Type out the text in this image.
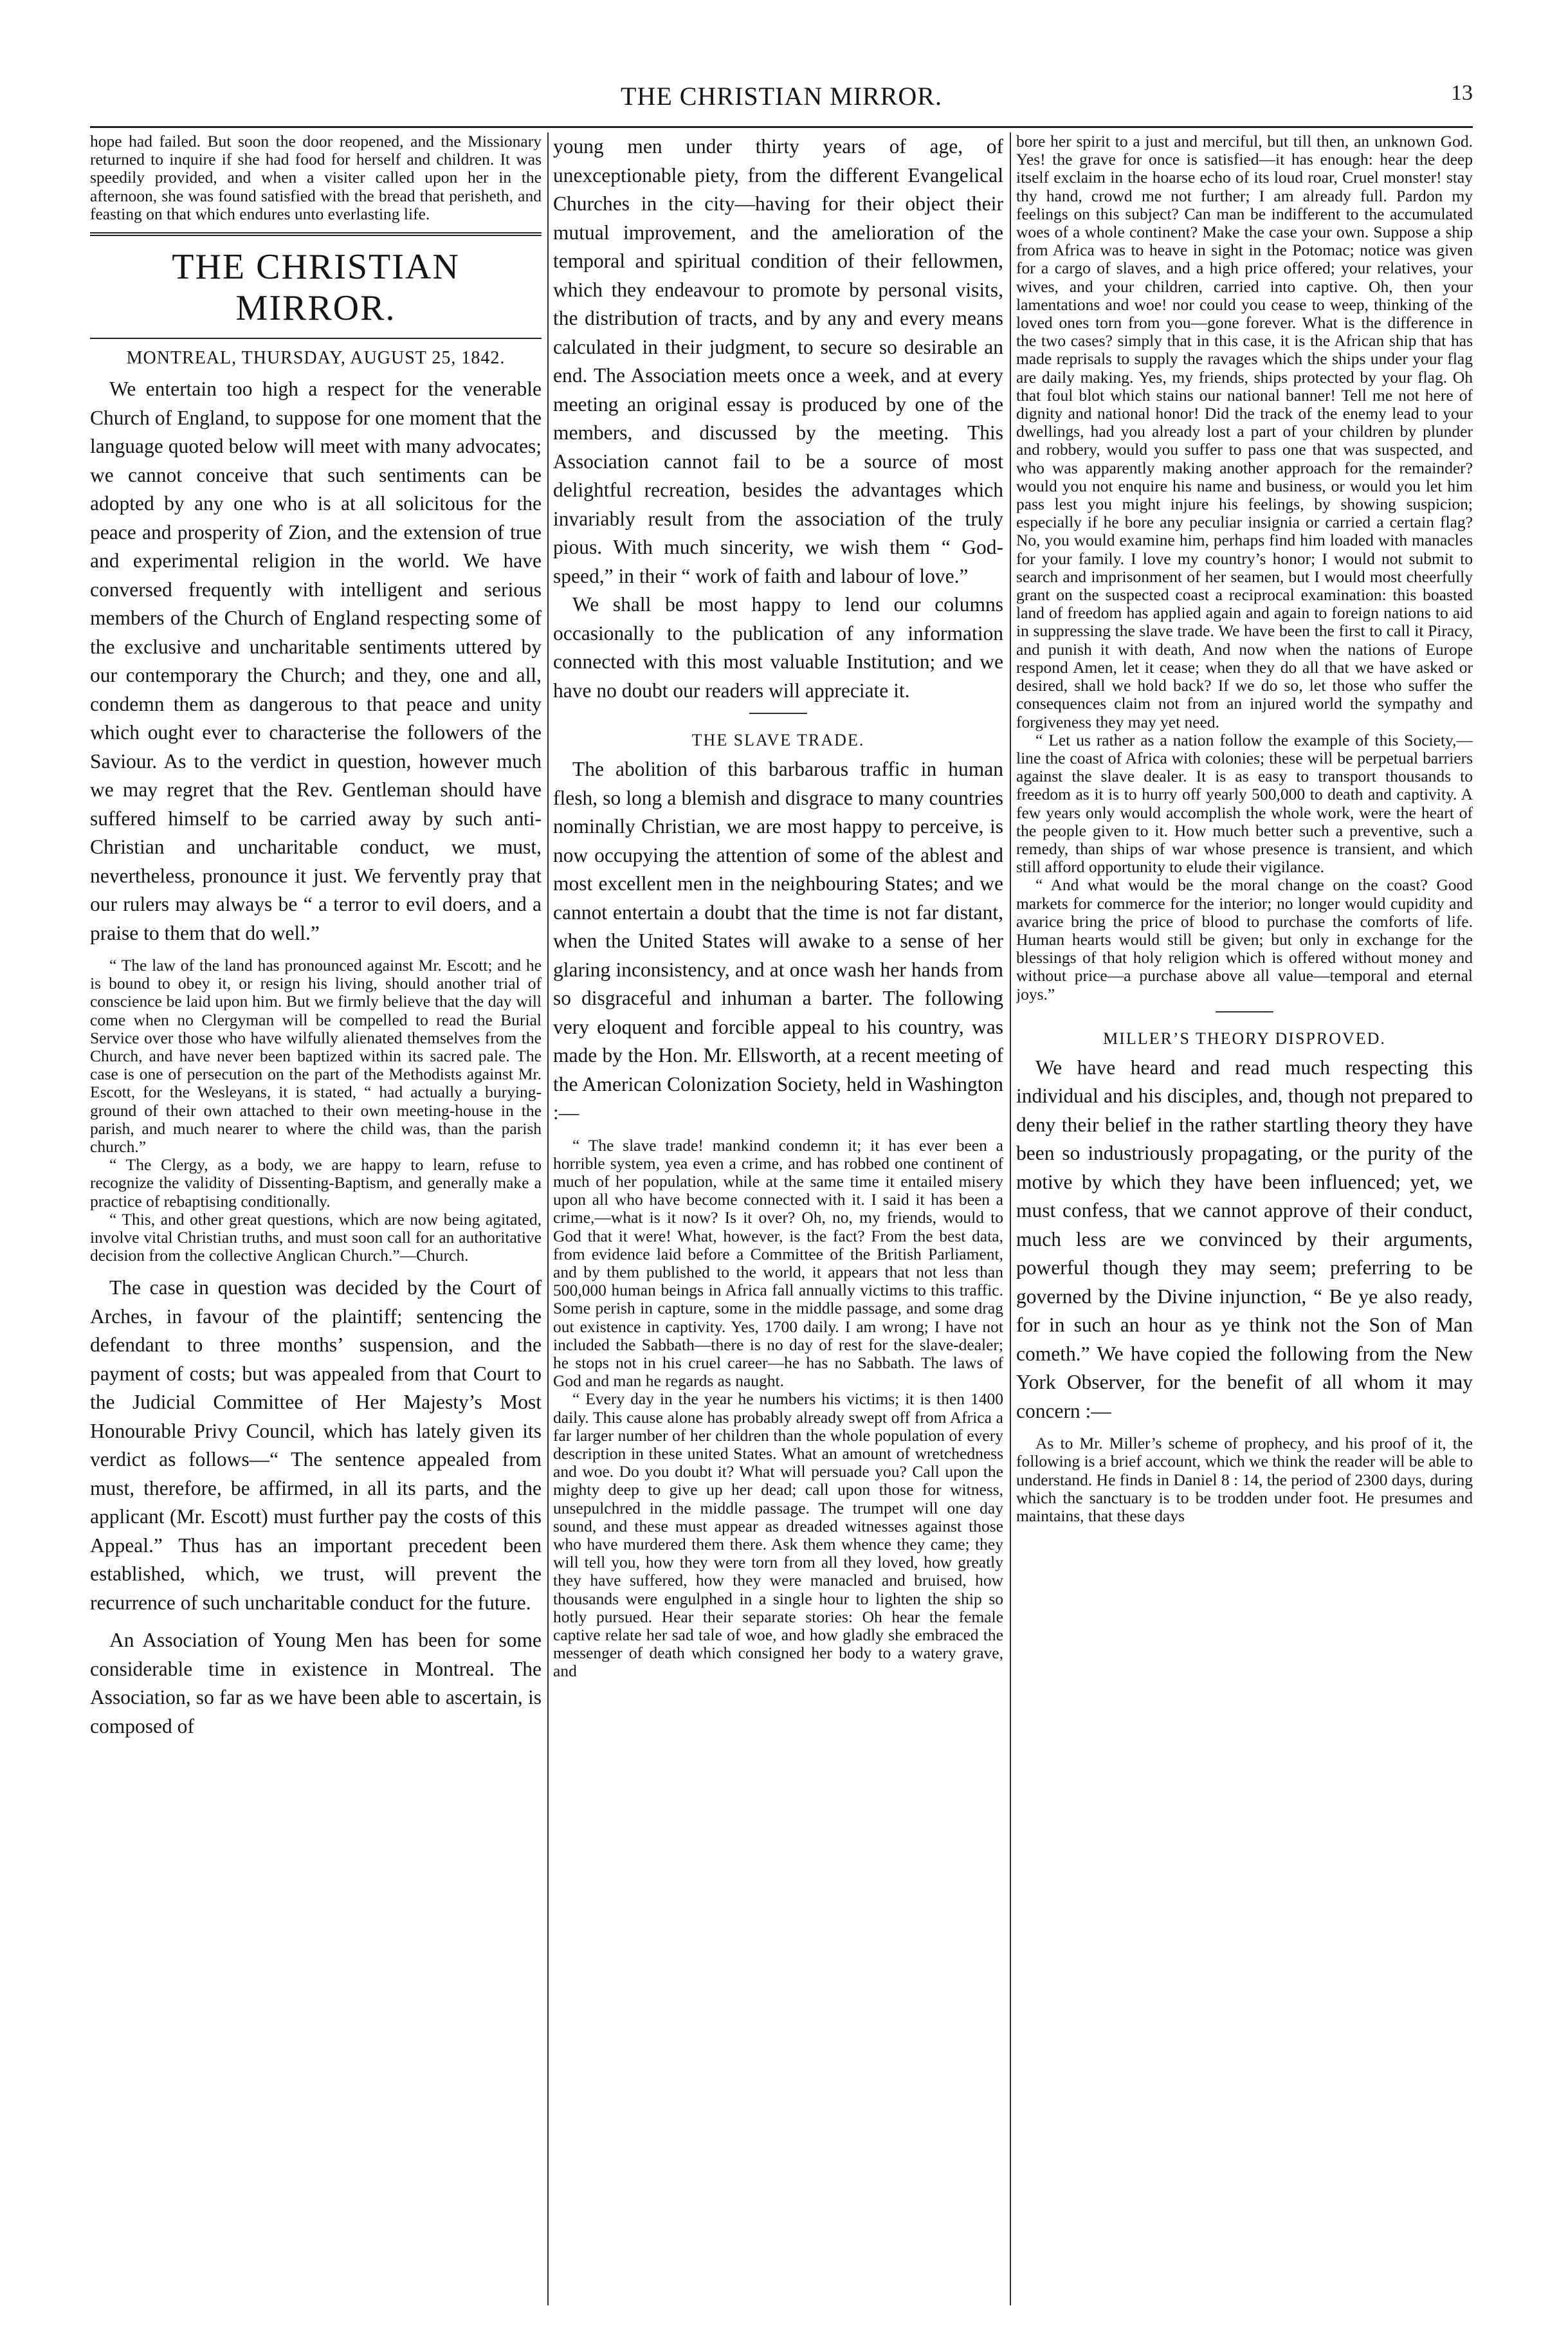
THE CHRISTIAN MIRROR.	13

hope had failed. But soon the door reopened, and the Missionary returned to inquire if she had food for herself and children. It was speedily provided, and when a visiter called upon her in the afternoon, she was found satisfied with the bread that perisheth, and feasting on that which endures unto everlasting life.

THE CHRISTIAN MIRROR.
MONTREAL, THURSDAY, AUGUST 25, 1842.

We entertain too high a respect for the venerable Church of England, to suppose for one moment that the language quoted below will meet with many advocates; we cannot conceive that such sentiments can be adopted by any one who is at all solicitous for the peace and prosperity of Zion, and the extension of true and experimental religion in the world. We have conversed frequently with intelligent and serious members of the Church of England respecting some of the exclusive and uncharitable sentiments uttered by our contemporary the Church; and they, one and all, condemn them as dangerous to that peace and unity which ought ever to characterise the followers of the Saviour. As to the verdict in question, however much we may regret that the Rev. Gentleman should have suffered himself to be carried away by such anti-Christian and uncharitable conduct, we must, nevertheless, pronounce it just. We fervently pray that our rulers may always be “ a terror to evil doers, and a praise to them that do well.”

“ The law of the land has pronounced against Mr. Escott; and he is bound to obey it, or resign his living, should another trial of conscience be laid upon him. But we firmly believe that the day will come when no Clergyman will be compelled to read the Burial Service over those who have wilfully alienated themselves from the Church, and have never been baptized within its sacred pale. The case is one of persecution on the part of the Methodists against Mr. Escott, for the Wesleyans, it is stated, “ had actually a burying-ground of their own attached to their own meeting-house in the parish, and much nearer to where the child was, than the parish church.”

“ The Clergy, as a body, we are happy to learn, refuse to recognize the validity of Dissenting-Baptism, and generally make a practice of rebaptising conditionally.

“ This, and other great questions, which are now being agitated, involve vital Christian truths, and must soon call for an authoritative decision from the collective Anglican Church.”—Church.

The case in question was decided by the Court of Arches, in favour of the plaintiff; sentencing the defendant to three months’ suspension, and the payment of costs; but was appealed from that Court to the Judicial Committee of Her Majesty’s Most Honourable Privy Council, which has lately given its verdict as follows—“ The sentence appealed from must, therefore, be affirmed, in all its parts, and the applicant (Mr. Escott) must further pay the costs of this Appeal.” Thus has an important precedent been established, which, we trust, will prevent the recurrence of such uncharitable conduct for the future.

An Association of Young Men has been for some considerable time in existence in Montreal. The Association, so far as we have been able to ascertain, is composed of

young men under thirty years of age, of unexceptionable piety, from the different Evangelical Churches in the city—having for their object their mutual improvement, and the amelioration of the temporal and spiritual condition of their fellowmen, which they endeavour to promote by personal visits, the distribution of tracts, and by any and every means calculated in their judgment, to secure so desirable an end. The Association meets once a week, and at every meeting an original essay is produced by one of the members, and discussed by the meeting. This Association cannot fail to be a source of most delightful recreation, besides the advantages which invariably result from the association of the truly pious. With much sincerity, we wish them “ God-speed,” in their “ work of faith and labour of love.”

We shall be most happy to lend our columns occasionally to the publication of any information connected with this most valuable Institution; and we have no doubt our readers will appreciate it.

THE SLAVE TRADE.

The abolition of this barbarous traffic in human flesh, so long a blemish and disgrace to many countries nominally Christian, we are most happy to perceive, is now occupying the attention of some of the ablest and most excellent men in the neighbouring States; and we cannot entertain a doubt that the time is not far distant, when the United States will awake to a sense of her glaring inconsistency, and at once wash her hands from so disgraceful and inhuman a barter. The following very eloquent and forcible appeal to his country, was made by the Hon. Mr. Ellsworth, at a recent meeting of the American Colonization Society, held in Washington :—

“ The slave trade! mankind condemn it; it has ever been a horrible system, yea even a crime, and has robbed one continent of much of her population, while at the same time it entailed misery upon all who have become connected with it. I said it has been a crime,—what is it now? Is it over? Oh, no, my friends, would to God that it were! What, however, is the fact? From the best data, from evidence laid before a Committee of the British Parliament, and by them published to the world, it appears that not less than 500,000 human beings in Africa fall annually victims to this traffic. Some perish in capture, some in the middle passage, and some drag out existence in captivity. Yes, 1700 daily. I am wrong; I have not included the Sabbath—there is no day of rest for the slave-dealer; he stops not in his cruel career—he has no Sabbath. The laws of God and man he regards as naught.

“ Every day in the year he numbers his victims; it is then 1400 daily. This cause alone has probably already swept off from Africa a far larger number of her children than the whole population of every description in these united States. What an amount of wretchedness and woe. Do you doubt it? What will persuade you? Call upon the mighty deep to give up her dead; call upon those for witness, unsepulchred in the middle passage. The trumpet will one day sound, and these must appear as dreaded witnesses against those who have murdered them there. Ask them whence they came; they will tell you, how they were torn from all they loved, how greatly they have suffered, how they were manacled and bruised, how thousands were engulphed in a single hour to lighten the ship so hotly pursued. Hear their separate stories: Oh hear the female captive relate her sad tale of woe, and how gladly she embraced the messenger of death which consigned her body to a watery grave, and

bore her spirit to a just and merciful, but till then, an unknown God. Yes! the grave for once is satisfied—it has enough: hear the deep itself exclaim in the hoarse echo of its loud roar, Cruel monster! stay thy hand, crowd me not further; I am already full. Pardon my feelings on this subject? Can man be indifferent to the accumulated woes of a whole continent? Make the case your own. Suppose a ship from Africa was to heave in sight in the Potomac; notice was given for a cargo of slaves, and a high price offered; your relatives, your wives, and your children, carried into captive. Oh, then your lamentations and woe! nor could you cease to weep, thinking of the loved ones torn from you—gone forever. What is the difference in the two cases? simply that in this case, it is the African ship that has made reprisals to supply the ravages which the ships under your flag are daily making. Yes, my friends, ships protected by your flag. Oh that foul blot which stains our national banner! Tell me not here of dignity and national honor! Did the track of the enemy lead to your dwellings, had you already lost a part of your children by plunder and robbery, would you suffer to pass one that was suspected, and who was apparently making another approach for the remainder? would you not enquire his name and business, or would you let him pass lest you might injure his feelings, by showing suspicion; especially if he bore any peculiar insignia or carried a certain flag? No, you would examine him, perhaps find him loaded with manacles for your family. I love my country’s honor; I would not submit to search and imprisonment of her seamen, but I would most cheerfully grant on the suspected coast a reciprocal examination: this boasted land of freedom has applied again and again to foreign nations to aid in suppressing the slave trade. We have been the first to call it Piracy, and punish it with death, And now when the nations of Europe respond Amen, let it cease; when they do all that we have asked or desired, shall we hold back? If we do so, let those who suffer the consequences claim not from an injured world the sympathy and forgiveness they may yet need.

“ Let us rather as a nation follow the example of this Society,—line the coast of Africa with colonies; these will be perpetual barriers against the slave dealer. It is as easy to transport thousands to freedom as it is to hurry off yearly 500,000 to death and captivity. A few years only would accomplish the whole work, were the heart of the people given to it. How much better such a preventive, such a remedy, than ships of war whose presence is transient, and which still afford opportunity to elude their vigilance.

“ And what would be the moral change on the coast? Good markets for commerce for the interior; no longer would cupidity and avarice bring the price of blood to purchase the comforts of life. Human hearts would still be given; but only in exchange for the blessings of that holy religion which is offered without money and without price—a purchase above all value—temporal and eternal joys.”

MILLER’S THEORY DISPROVED.

We have heard and read much respecting this individual and his disciples, and, though not prepared to deny their belief in the rather startling theory they have been so industriously propagating, or the purity of the motive by which they have been influenced; yet, we must confess, that we cannot approve of their conduct, much less are we convinced by their arguments, powerful though they may seem; preferring to be governed by the Divine injunction, “ Be ye also ready, for in such an hour as ye think not the Son of Man cometh.” We have copied the following from the New York Observer, for the benefit of all whom it may concern :—

As to Mr. Miller’s scheme of prophecy, and his proof of it, the following is a brief account, which we think the reader will be able to understand. He finds in Daniel 8 : 14, the period of 2300 days, during which the sanctuary is to be trodden under foot. He presumes and maintains, that these days
